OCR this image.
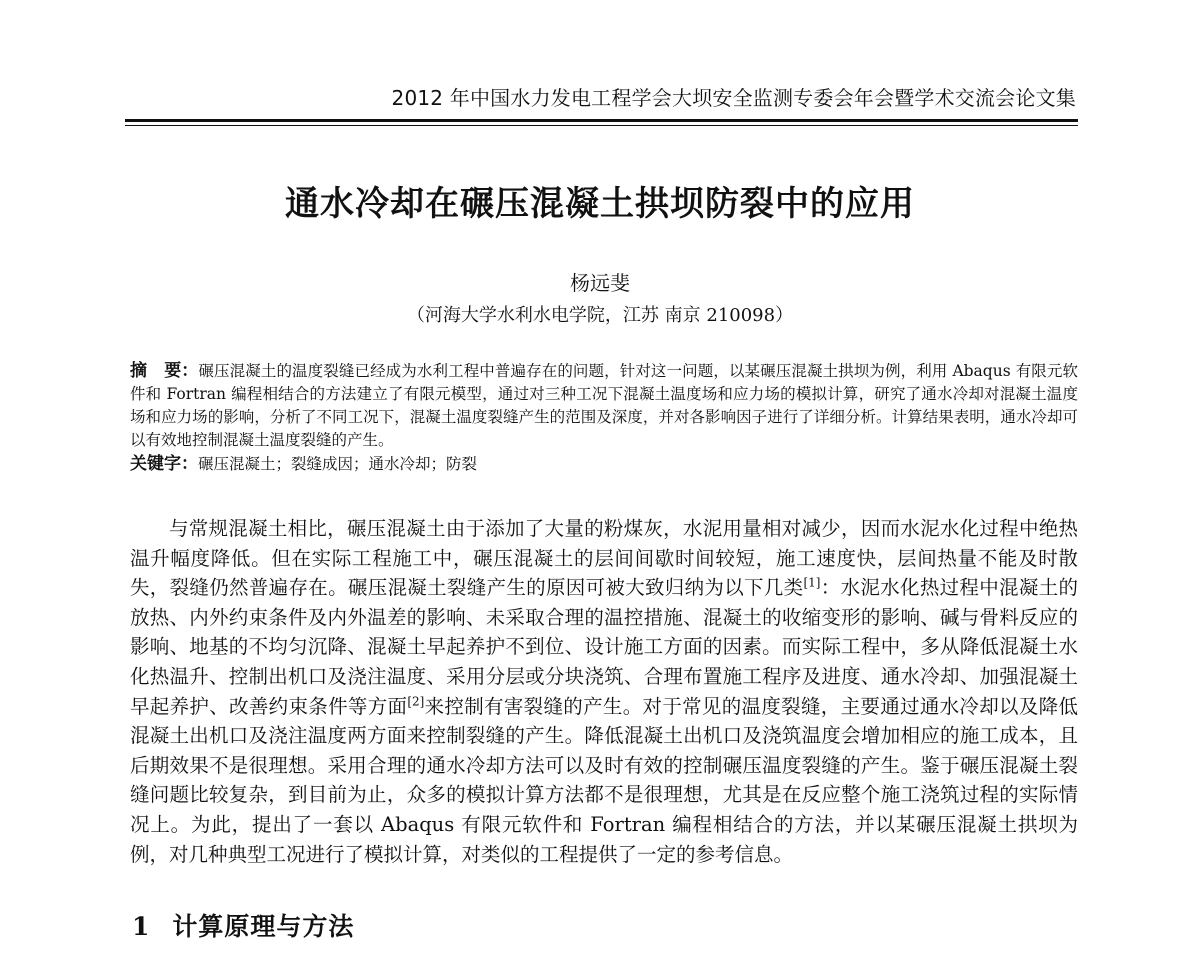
2012 年中国水力发电工程学会大坝安全监测专委会年会暨学术交流会论文集
通水冷却在碾压混凝土拱坝防裂中的应用
杨远斐
（河海大学水利水电学院，江苏 南京 210098）

摘　要：碾压混凝土的温度裂缝已经成为水利工程中普遍存在的问题，针对这一问题，以某碾压混凝土拱坝为例，利用 Abaqus 有限元软件和 Fortran 编程相结合的方法建立了有限元模型，通过对三种工况下混凝土温度场和应力场的模拟计算，研究了通水冷却对混凝土温度场和应力场的影响，分析了不同工况下，混凝土温度裂缝产生的范围及深度，并对各影响因子进行了详细分析。计算结果表明，通水冷却可以有效地控制混凝土温度裂缝的产生。

关键字：碾压混凝土；裂缝成因；通水冷却；防裂

与常规混凝土相比，碾压混凝土由于添加了大量的粉煤灰，水泥用量相对减少，因而水泥水化过程中绝热温升幅度降低。但在实际工程施工中，碾压混凝土的层间间歇时间较短，施工速度快，层间热量不能及时散失，裂缝仍然普遍存在。碾压混凝土裂缝产生的原因可被大致归纳为以下几类[1]：水泥水化热过程中混凝土的放热、内外约束条件及内外温差的影响、未采取合理的温控措施、混凝土的收缩变形的影响、碱与骨料反应的影响、地基的不均匀沉降、混凝土早起养护不到位、设计施工方面的因素。而实际工程中，多从降低混凝土水化热温升、控制出机口及浇注温度、采用分层或分块浇筑、合理布置施工程序及进度、通水冷却、加强混凝土早起养护、改善约束条件等方面[2]来控制有害裂缝的产生。对于常见的温度裂缝，主要通过通水冷却以及降低混凝土出机口及浇注温度两方面来控制裂缝的产生。降低混凝土出机口及浇筑温度会增加相应的施工成本，且后期效果不是很理想。采用合理的通水冷却方法可以及时有效的控制碾压温度裂缝的产生。鉴于碾压混凝土裂缝问题比较复杂，到目前为止，众多的模拟计算方法都不是很理想，尤其是在反应整个施工浇筑过程的实际情况上。为此，提出了一套以 Abaqus 有限元软件和 Fortran 编程相结合的方法，并以某碾压混凝土拱坝为例，对几种典型工况进行了模拟计算，对类似的工程提供了一定的参考信息。

1 计算原理与方法
